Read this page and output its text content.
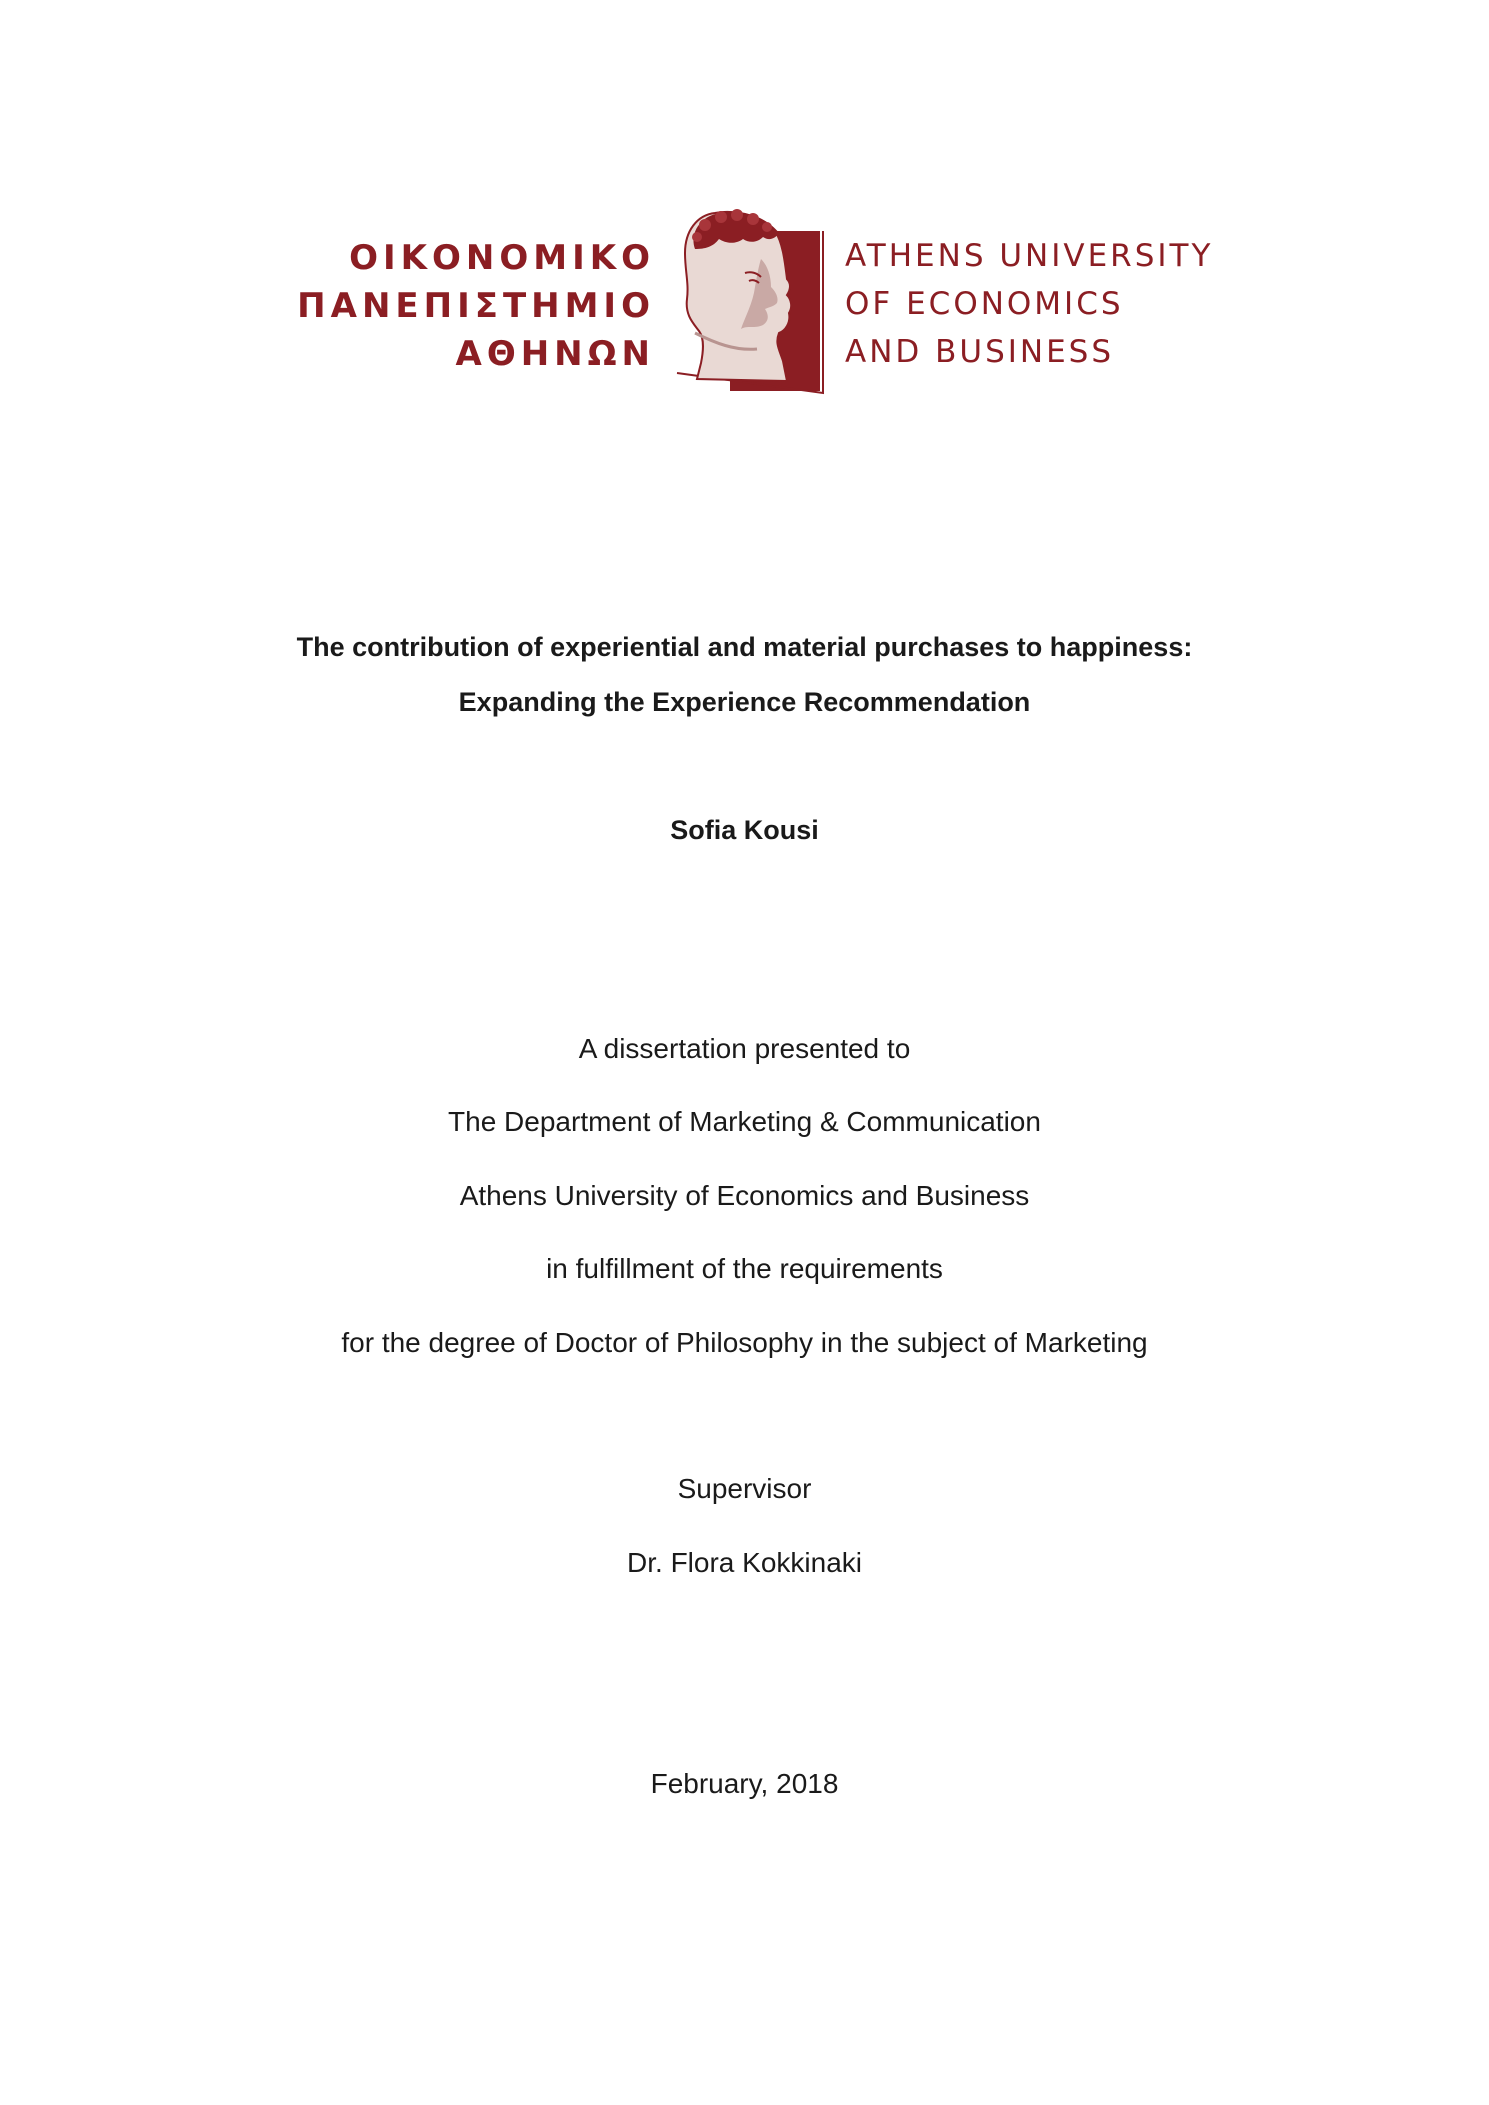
ΟΙΚΟΝΟΜΙΚΟ
ΠΑΝΕΠΙΣΤΗΜΙΟ
ΑΘΗΝΩΝ
ATHENS UNIVERSITY
OF ECONOMICS
AND BUSINESS
The contribution of experiential and material purchases to happiness:
Expanding the Experience Recommendation
Sofia Kousi
A dissertation presented to
The Department of Marketing & Communication
Athens University of Economics and Business
in fulfillment of the requirements
for the degree of Doctor of Philosophy in the subject of Marketing
Supervisor
Dr. Flora Kokkinaki
February, 2018
